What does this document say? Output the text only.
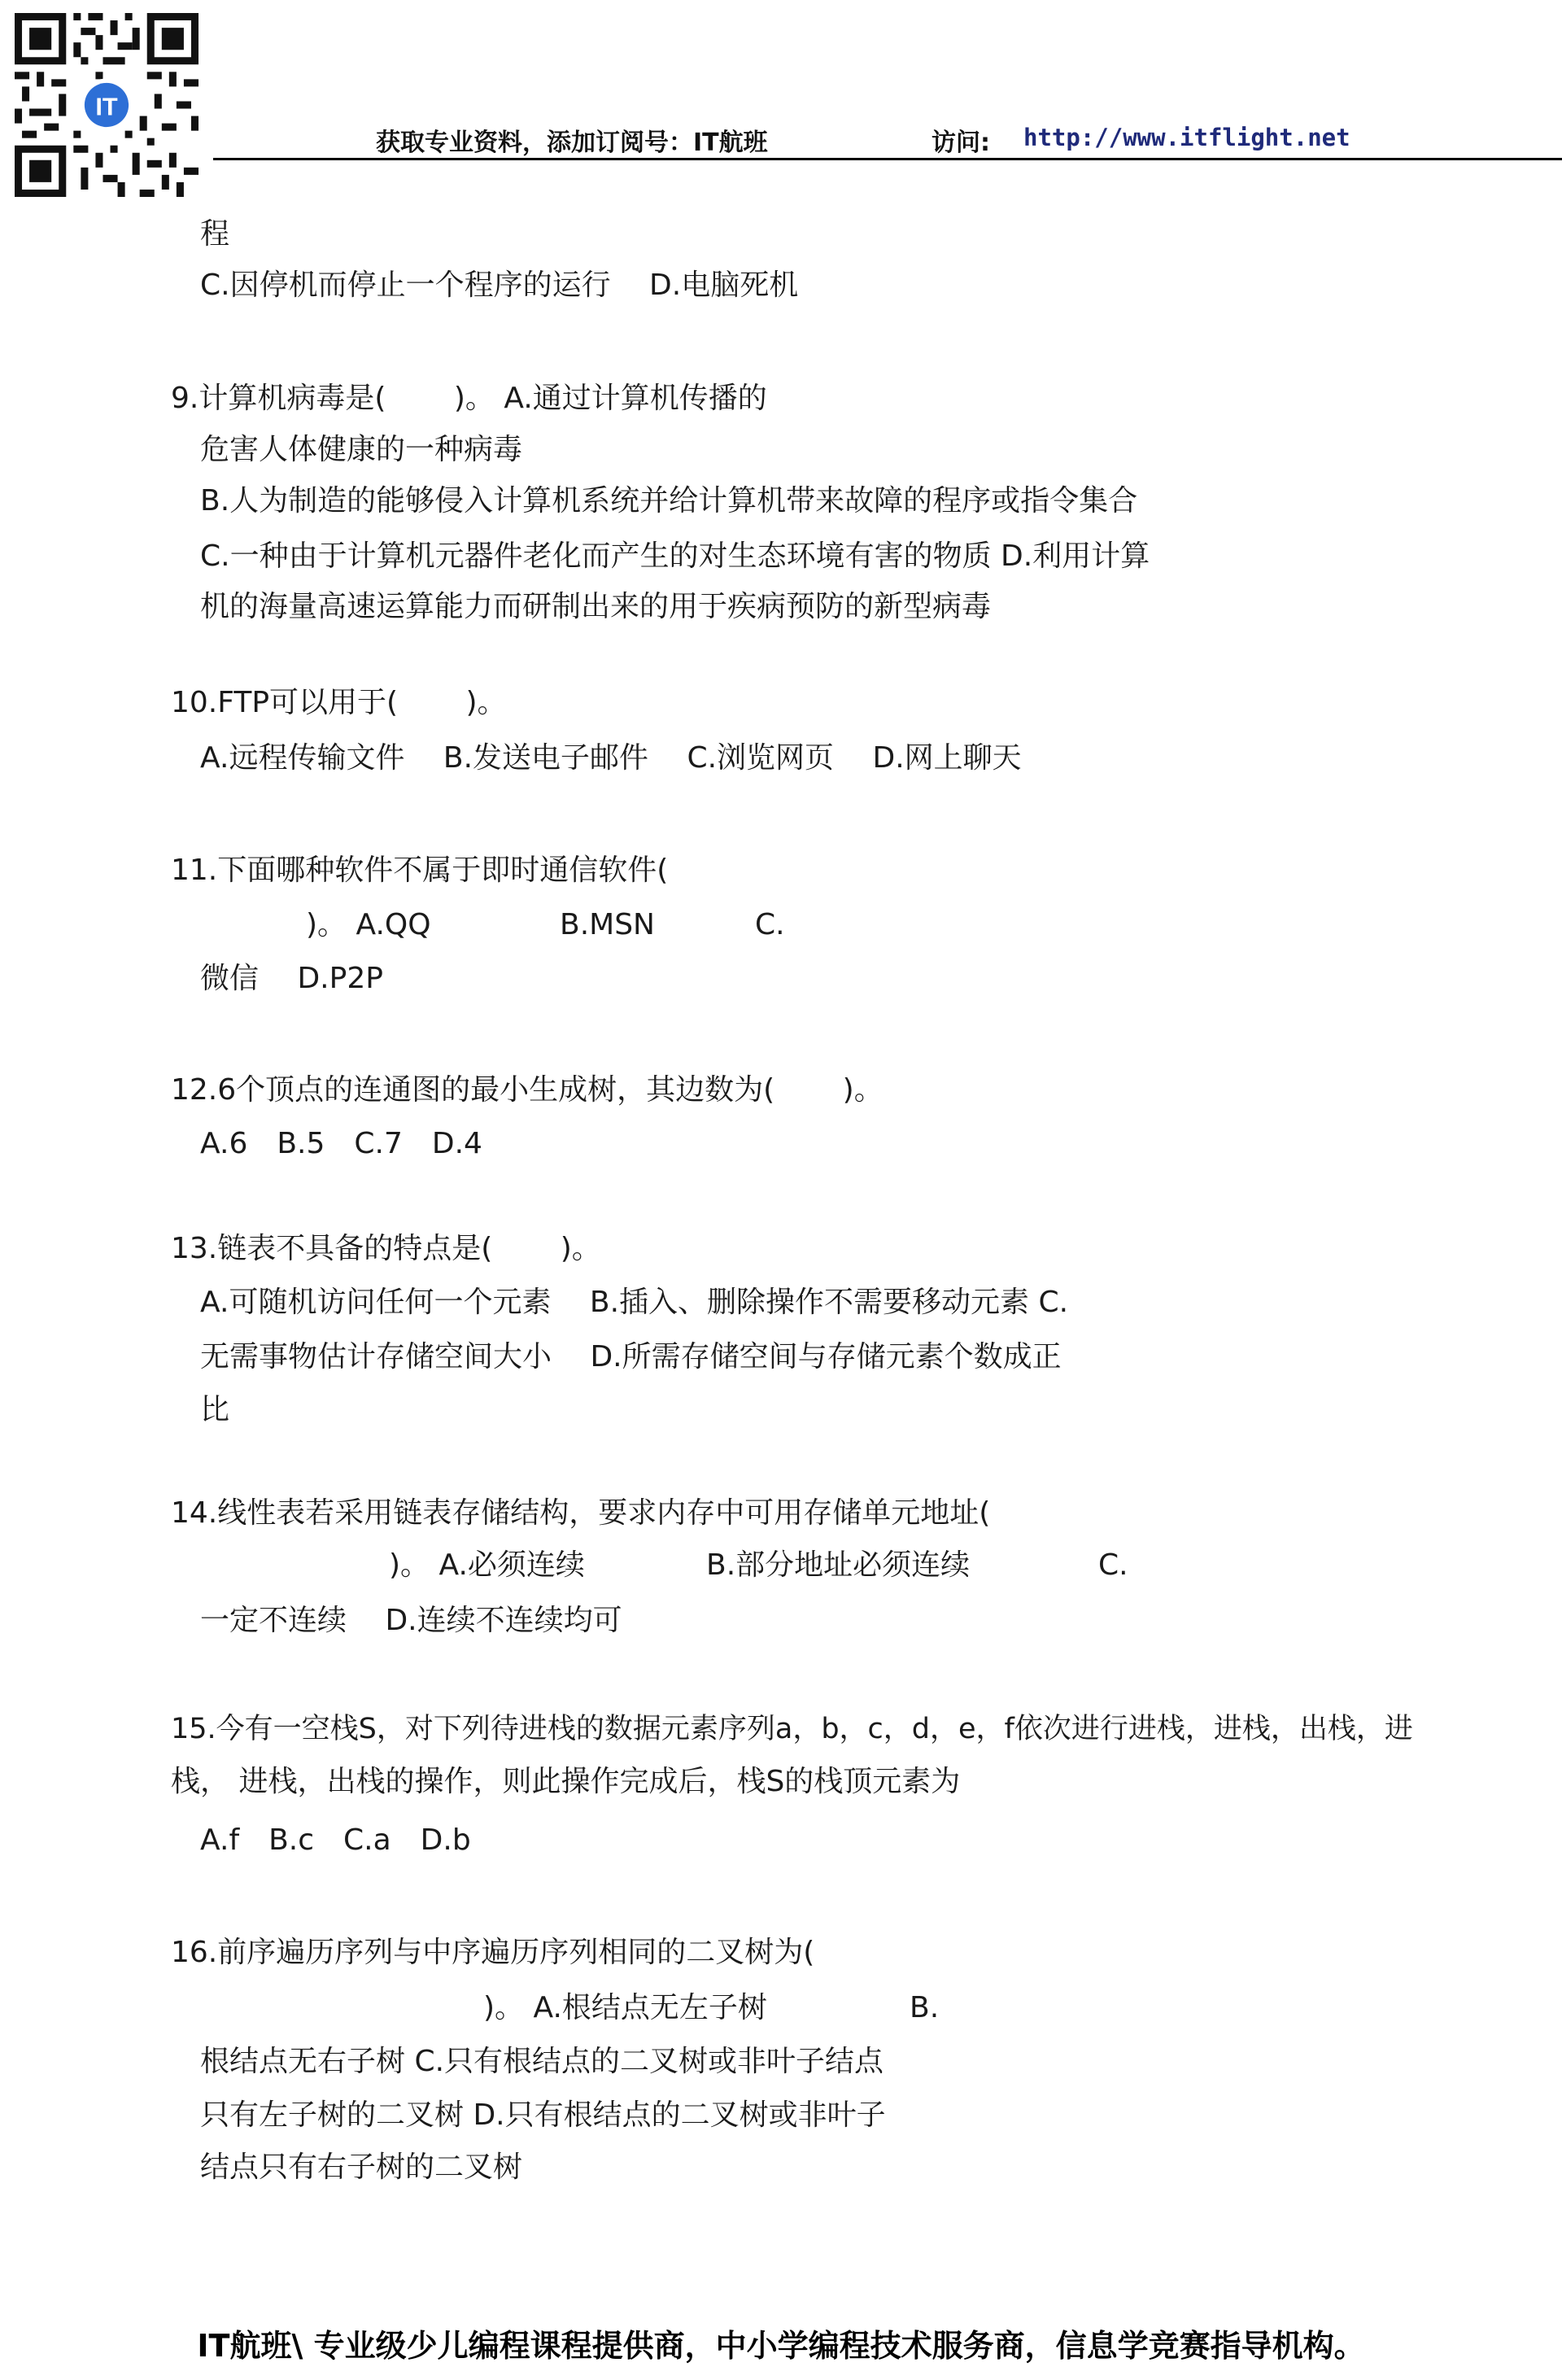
IT
获取专业资料，添加订阅号：IT航班	访问: http://www.itflight.net
程
C.因停机而停止一个程序的运行　 D.电脑死机
9.计算机病毒是(　　 )。 A.通过计算机传播的
危害人体健康的一种病毒
B.人为制造的能够侵入计算机系统并给计算机带来故障的程序或指令集合
C.一种由于计算机元器件老化而产生的对生态环境有害的物质 D.利用计算
机的海量高速运算能力而研制出来的用于疾病预防的新型病毒
10.FTP可以用于(　　 )。
A.远程传输文件　 B.发送电子邮件　 C.浏览网页　 D.网上聊天
11.下面哪种软件不属于即时通信软件(
)。 A.QQ	B.MSN	C.
微信　 D.P2P
12.6个顶点的连通图的最小生成树，其边数为(　　 )。
A.6　B.5　C.7　D.4
13.链表不具备的特点是(　　 )。
A.可随机访问任何一个元素　 B.插入、删除操作不需要移动元素 C.
无需事物估计存储空间大小　 D.所需存储空间与存储元素个数成正
比
14.线性表若采用链表存储结构，要求内存中可用存储单元地址(
)。 A.必须连续	B.部分地址必须连续	C.
一定不连续　 D.连续不连续均可
15.今有一空栈S，对下列待进栈的数据元素序列a，b，c，d，e，f依次进行进栈，进栈，出栈，进
栈， 进栈，出栈的操作，则此操作完成后，栈S的栈顶元素为
A.f　B.c　C.a　D.b
16.前序遍历序列与中序遍历序列相同的二叉树为(
)。 A.根结点无左子树	B.
根结点无右子树 C.只有根结点的二叉树或非叶子结点
只有左子树的二叉树 D.只有根结点的二叉树或非叶子
结点只有右子树的二叉树
IT航班\ 专业级少儿编程课程提供商，中小学编程技术服务商，信息学竞赛指导机构。
